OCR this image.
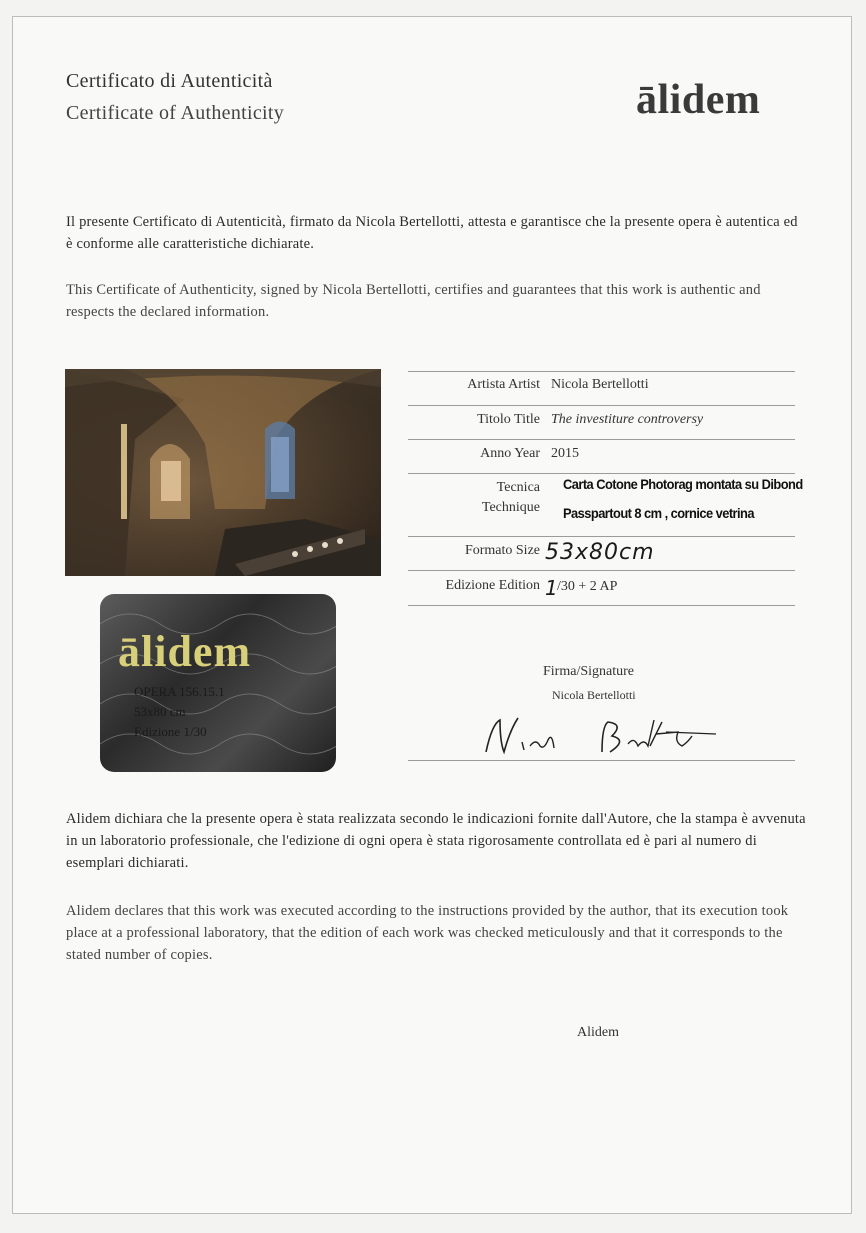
Certificato di Autenticità
Certificate of Authenticity	ālidem
Il presente Certificato di Autenticità, firmato da Nicola Bertellotti, attesta e garantisce che la presente opera è autentica ed è conforme alle caratteristiche dichiarate.
This Certificate of Authenticity, signed by Nicola Bertellotti, certifies and guarantees that this work is authentic and respects the declared information.
ālidem
OPERA 156.15.1
53x80 cm
Edizione 1/30
Artista Artist Nicola Bertellotti
Titolo Title The investiture controversy
Anno Year 2015
Tecnica
Technique
Carta Cotone Photorag montata su Dibond
Passpartout 8 cm , cornice vetrina
Formato Size 53x80cm
Edizione Edition 1 /30 + 2 AP
Firma/Signature
Nicola Bertellotti
Alidem dichiara che la presente opera è stata realizzata secondo le indicazioni fornite dall'Autore, che la stampa è avvenuta in un laboratorio professionale, che l'edizione di ogni opera è stata rigorosamente controllata ed è pari al numero di esemplari dichiarati.
Alidem declares that this work was executed according to the instructions provided by the author, that its execution took place at a professional laboratory, that the edition of each work was checked meticulously and that it corresponds to the stated number of copies.
Alidem
